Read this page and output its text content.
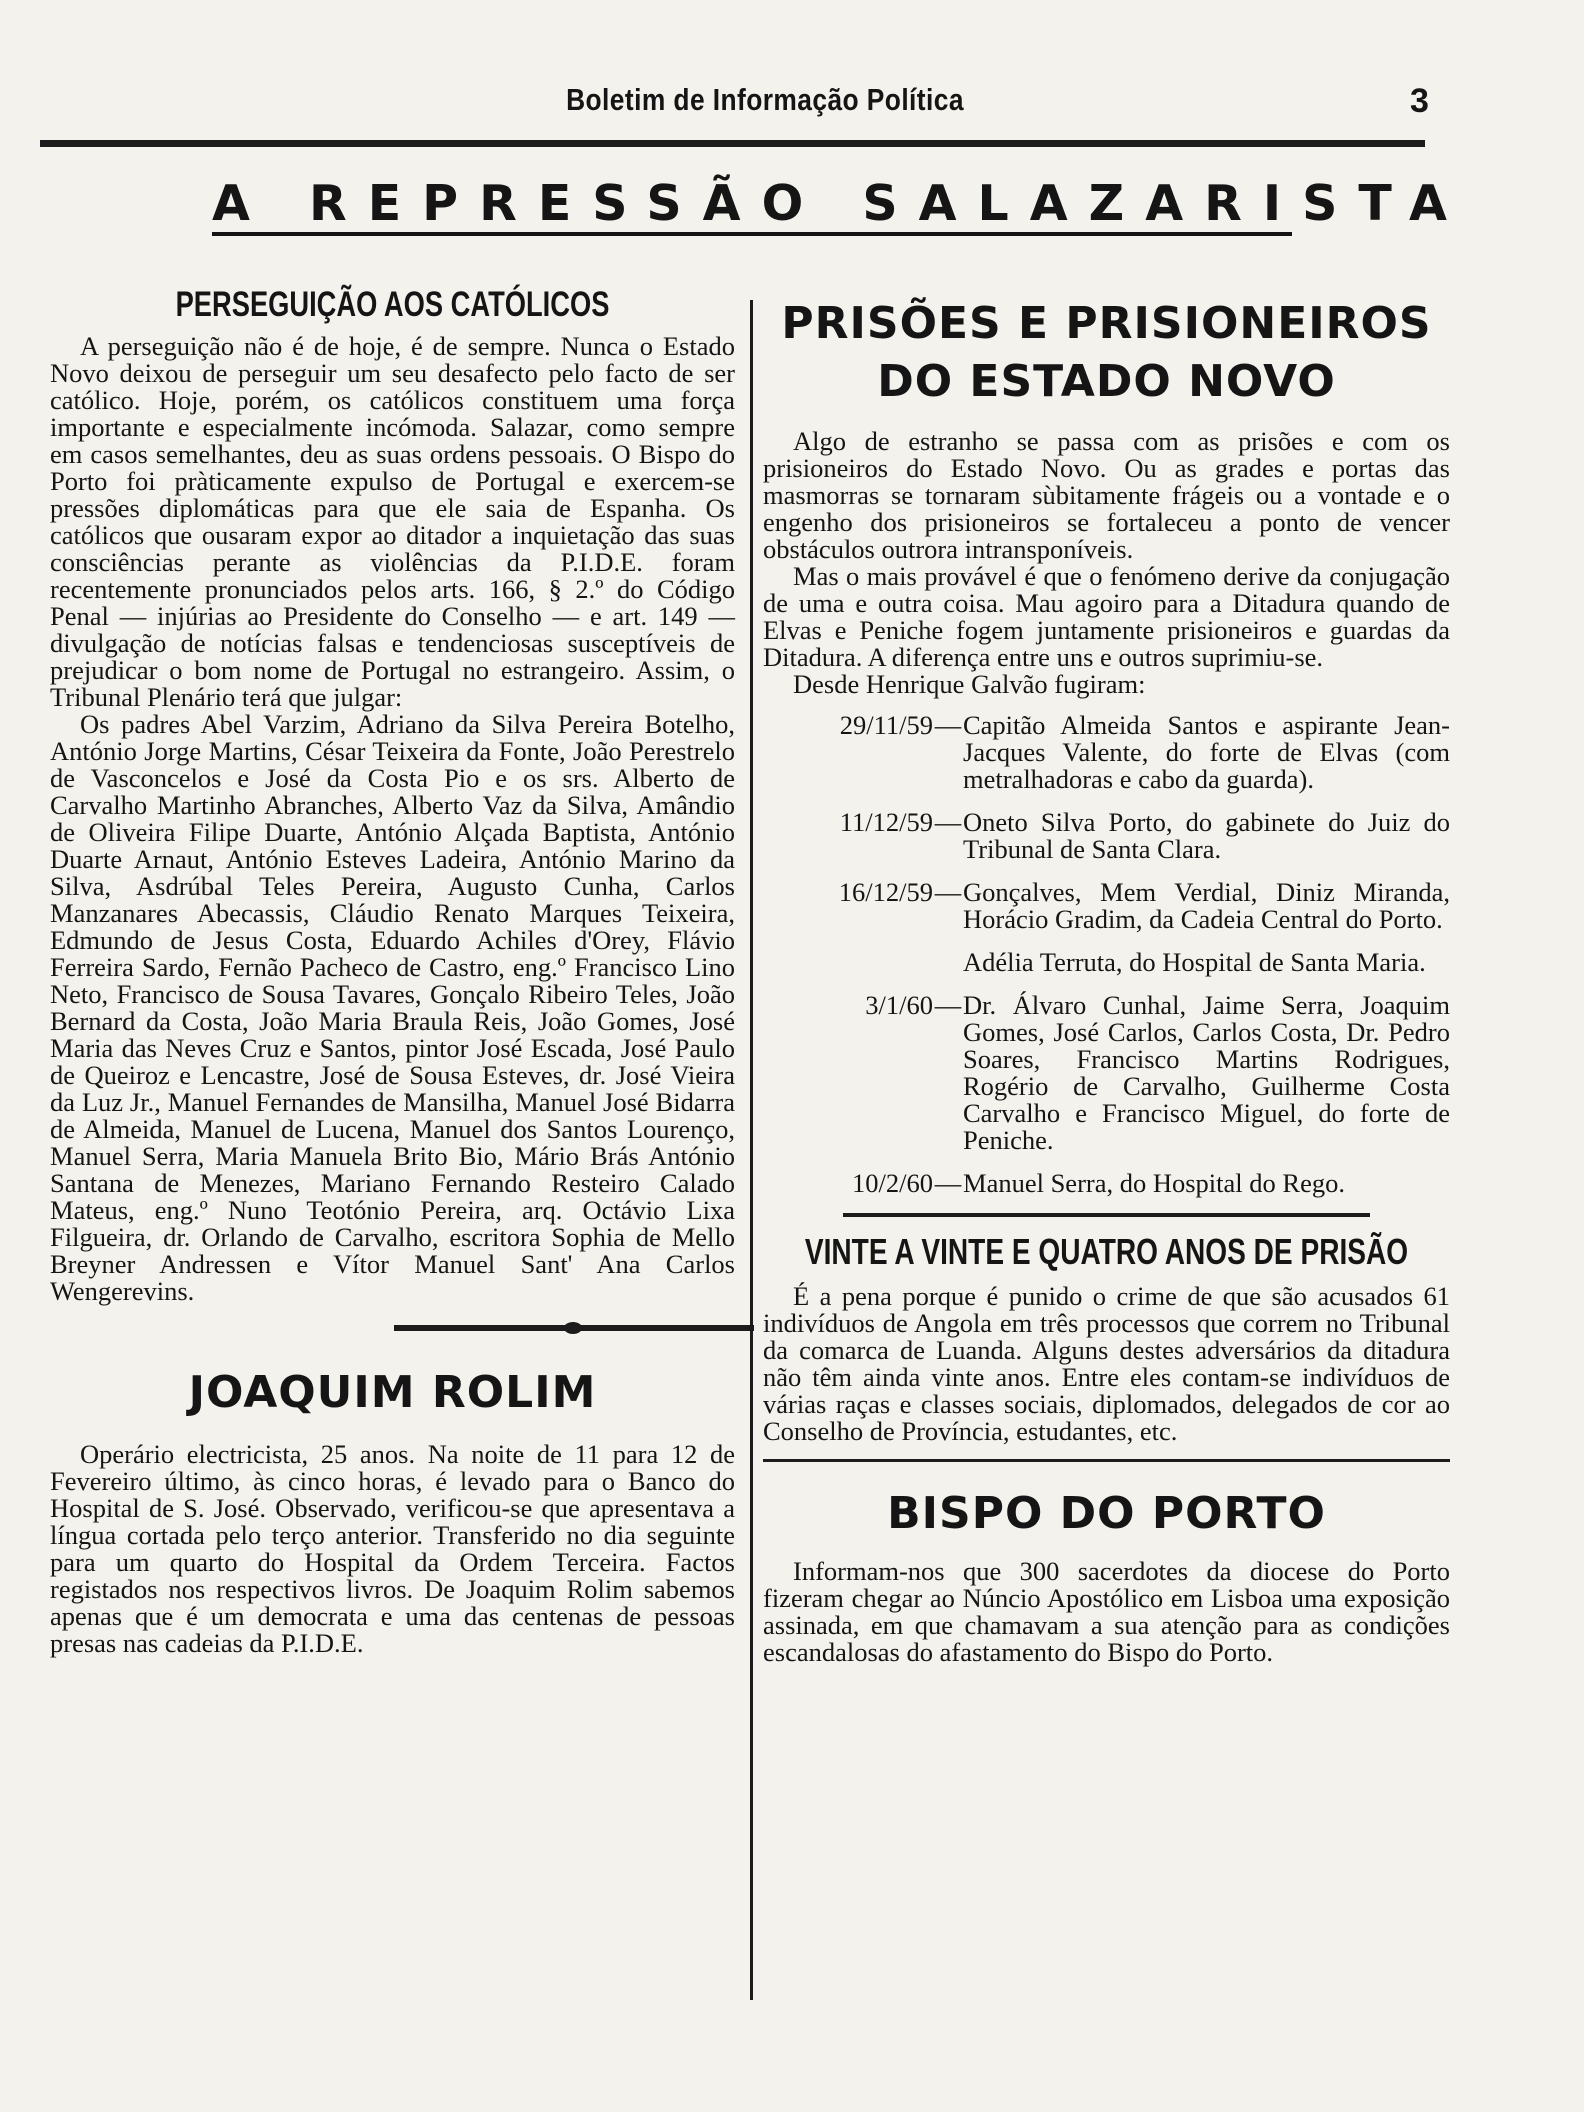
Boletim de Informação Política	3
A REPRESSÃO SALAZARISTA
PERSEGUIÇÃO AOS CATÓLICOS

A perseguição não é de hoje, é de sempre. Nunca o Estado Novo deixou de perseguir um seu desafecto pelo facto de ser católico. Hoje, porém, os católicos constituem uma força importante e especialmente incómoda. Salazar, como sempre em casos semelhantes, deu as suas ordens pessoais. O Bispo do Porto foi pràticamente expulso de Portugal e exercem-se pressões diplomáticas para que ele saia de Espanha. Os católicos que ousaram expor ao ditador a inquietação das suas consciências perante as violências da P.I.D.E. foram recentemente pronunciados pelos arts. 166, § 2.º do Código Penal — injúrias ao Presidente do Conselho — e art. 149 — divulgação de notícias falsas e tendenciosas susceptíveis de prejudicar o bom nome de Portugal no estrangeiro. Assim, o Tribunal Plenário terá que julgar:

Os padres Abel Varzim, Adriano da Silva Pereira Botelho, António Jorge Martins, César Teixeira da Fonte, João Perestrelo de Vasconcelos e José da Costa Pio e os srs. Alberto de Carvalho Martinho Abranches, Alberto Vaz da Silva, Amândio de Oliveira Filipe Duarte, António Alçada Baptista, António Duarte Arnaut, António Esteves Ladeira, António Marino da Silva, Asdrúbal Teles Pereira, Augusto Cunha, Carlos Manzanares Abecassis, Cláudio Renato Marques Teixeira, Edmundo de Jesus Costa, Eduardo Achiles d'Orey, Flávio Ferreira Sardo, Fernão Pacheco de Castro, eng.º Francisco Lino Neto, Francisco de Sousa Tavares, Gonçalo Ribeiro Teles, João Bernard da Costa, João Maria Braula Reis, João Gomes, José Maria das Neves Cruz e Santos, pintor José Escada, José Paulo de Queiroz e Lencastre, José de Sousa Esteves, dr. José Vieira da Luz Jr., Manuel Fernandes de Mansilha, Manuel José Bidarra de Almeida, Manuel de Lucena, Manuel dos Santos Lourenço, Manuel Serra, Maria Manuela Brito Bio, Mário Brás António Santana de Menezes, Mariano Fernando Resteiro Calado Mateus, eng.º Nuno Teotónio Pereira, arq. Octávio Lixa Filgueira, dr. Orlando de Carvalho, escritora Sophia de Mello Breyner Andressen e Vítor Manuel Sant' Ana Carlos Wengerevins.

JOAQUIM ROLIM

Operário electricista, 25 anos. Na noite de 11 para 12 de Fevereiro último, às cinco horas, é levado para o Banco do Hospital de S. José. Observado, verificou-se que apresentava a língua cortada pelo terço anterior. Transferido no dia seguinte para um quarto do Hospital da Ordem Terceira. Factos registados nos respectivos livros. De Joaquim Rolim sabemos apenas que é um democrata e uma das centenas de pessoas presas nas cadeias da P.I.D.E.

PRISÕES E PRISIONEIROS
DO ESTADO NOVO

Algo de estranho se passa com as prisões e com os prisioneiros do Estado Novo. Ou as grades e portas das masmorras se tornaram sùbitamente frágeis ou a vontade e o engenho dos prisioneiros se fortaleceu a ponto de vencer obstáculos outrora intransponíveis.

Mas o mais provável é que o fenómeno derive da conjugação de uma e outra coisa. Mau agoiro para a Ditadura quando de Elvas e Peniche fogem juntamente prisioneiros e guardas da Ditadura. A diferença entre uns e outros suprimiu-se.

Desde Henrique Galvão fugiram:

29/11/59 — Capitão Almeida Santos e aspirante Jean-Jacques Valente, do forte de Elvas (com metralhadoras e cabo da guarda).
11/12/59 — Oneto Silva Porto, do gabinete do Juiz do Tribunal de Santa Clara.
16/12/59 — Gonçalves, Mem Verdial, Diniz Miranda, Horácio Gradim, da Cadeia Central do Porto.
Adélia Terruta, do Hospital de Santa Maria.
3/1/60 — Dr. Álvaro Cunhal, Jaime Serra, Joaquim Gomes, José Carlos, Carlos Costa, Dr. Pedro Soares, Francisco Martins Rodrigues, Rogério de Carvalho, Guilherme Costa Carvalho e Francisco Miguel, do forte de Peniche.
10/2/60 — Manuel Serra, do Hospital do Rego.
VINTE A VINTE E QUATRO ANOS DE PRISÃO

É a pena porque é punido o crime de que são acusados 61 indivíduos de Angola em três processos que correm no Tribunal da comarca de Luanda. Alguns destes adversários da ditadura não têm ainda vinte anos. Entre eles contam-se indivíduos de várias raças e classes sociais, diplomados, delegados de cor ao Conselho de Província, estudantes, etc.

BISPO DO PORTO

Informam-nos que 300 sacerdotes da diocese do Porto fizeram chegar ao Núncio Apostólico em Lisboa uma exposição assinada, em que chamavam a sua atenção para as condições escandalosas do afastamento do Bispo do Porto.
